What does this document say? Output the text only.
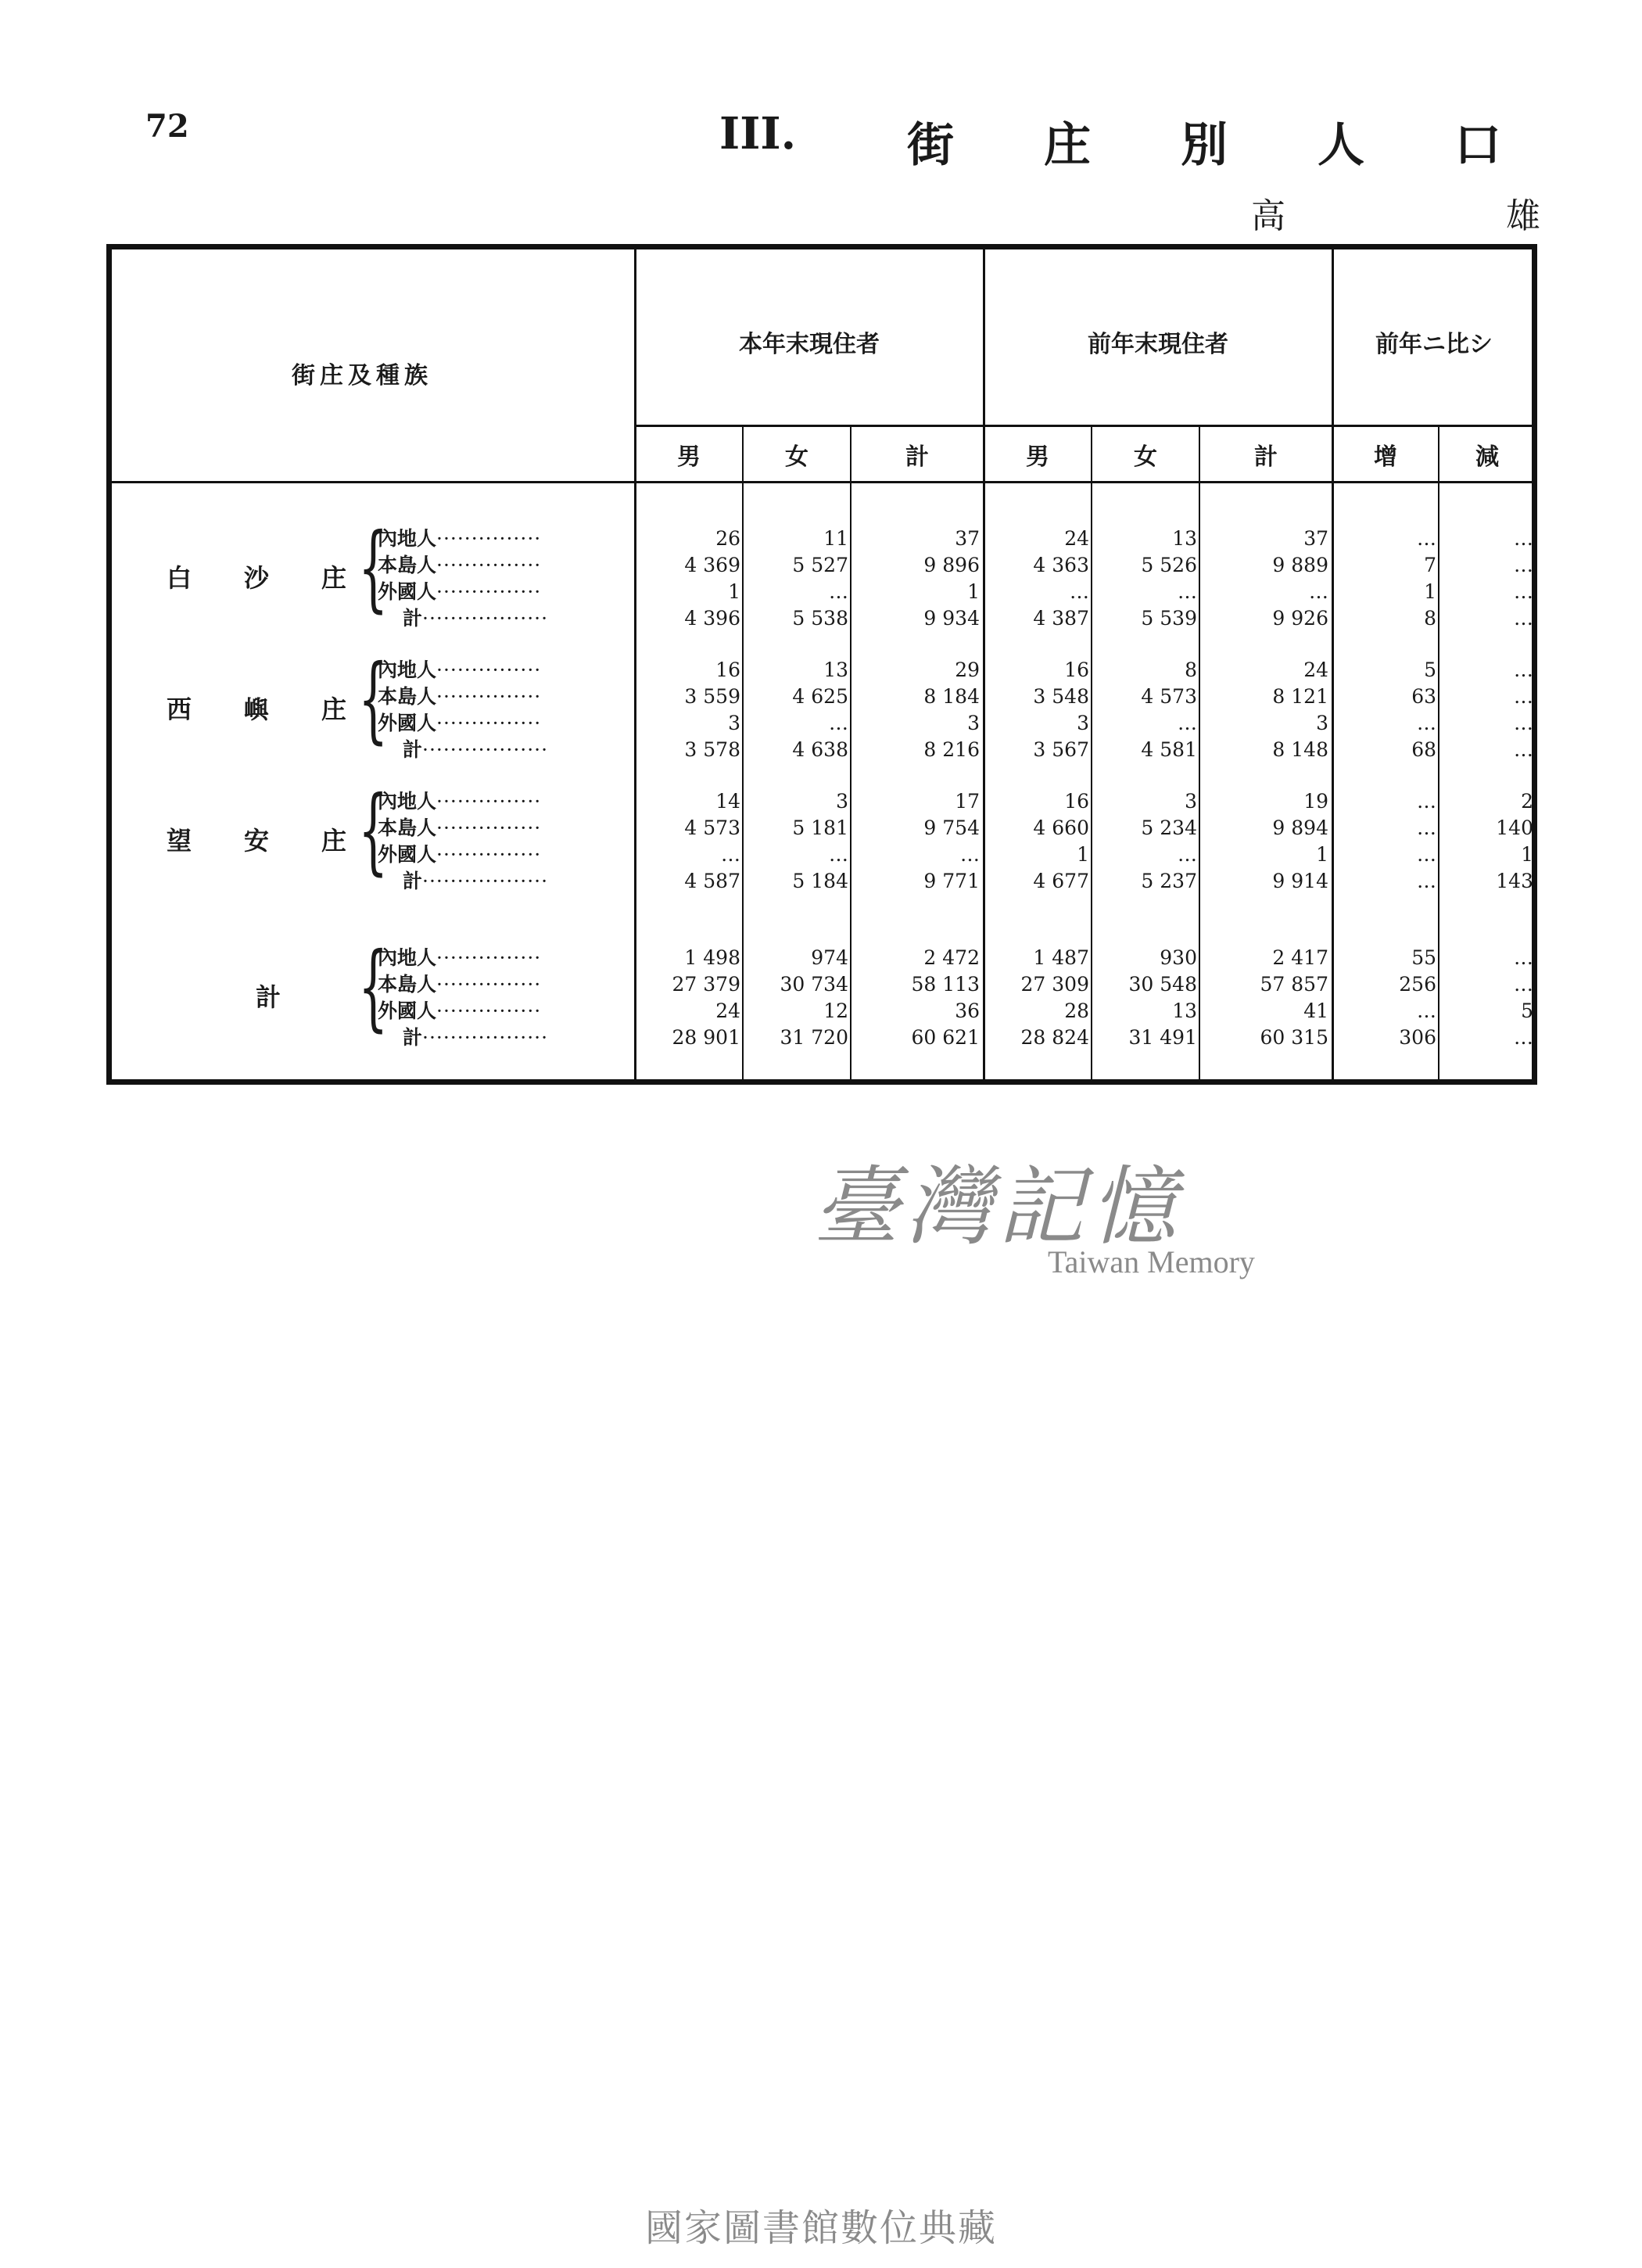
72	III. 街 庄 別 人 口
高	雄
街庄及種族
本年末現住者	前年末現住者	前年ニ比シ
男	女	計	男	女	計	增	減
白 沙 庄 {
內地人···············	26	11	37	24	13	37	…	…
本島人···············	4 369	5 527	9 896	4 363	5 526	9 889	7	…
外國人···············	1	…	1	…	…	…	1	…
計··················	4 396	5 538	9 934	4 387	5 539	9 926	8	…
西 嶼 庄 {
內地人···············	16	13	29	16	8	24	5	…
本島人···············	3 559	4 625	8 184	3 548	4 573	8 121	63	…
外國人···············	3	…	3	3	…	3	…	…
計··················	3 578	4 638	8 216	3 567	4 581	8 148	68	…
望 安 庄 {
內地人···············	14	3	17	16	3	19	…	2
本島人···············	4 573	5 181	9 754	4 660	5 234	9 894	…	140
外國人···············	…	…	…	1	…	1	…	1
計··················	4 587	5 184	9 771	4 677	5 237	9 914	…	143
計 {
內地人···············	1 498	974	2 472	1 487	930	2 417	55	…
本島人···············	27 379	30 734	58 113	27 309	30 548	57 857	256	…
外國人···············	24	12	36	28	13	41	…	5
計··················	28 901	31 720	60 621	28 824	31 491	60 315	306	…
臺灣記憶
Taiwan Memory
國家圖書館數位典藏
